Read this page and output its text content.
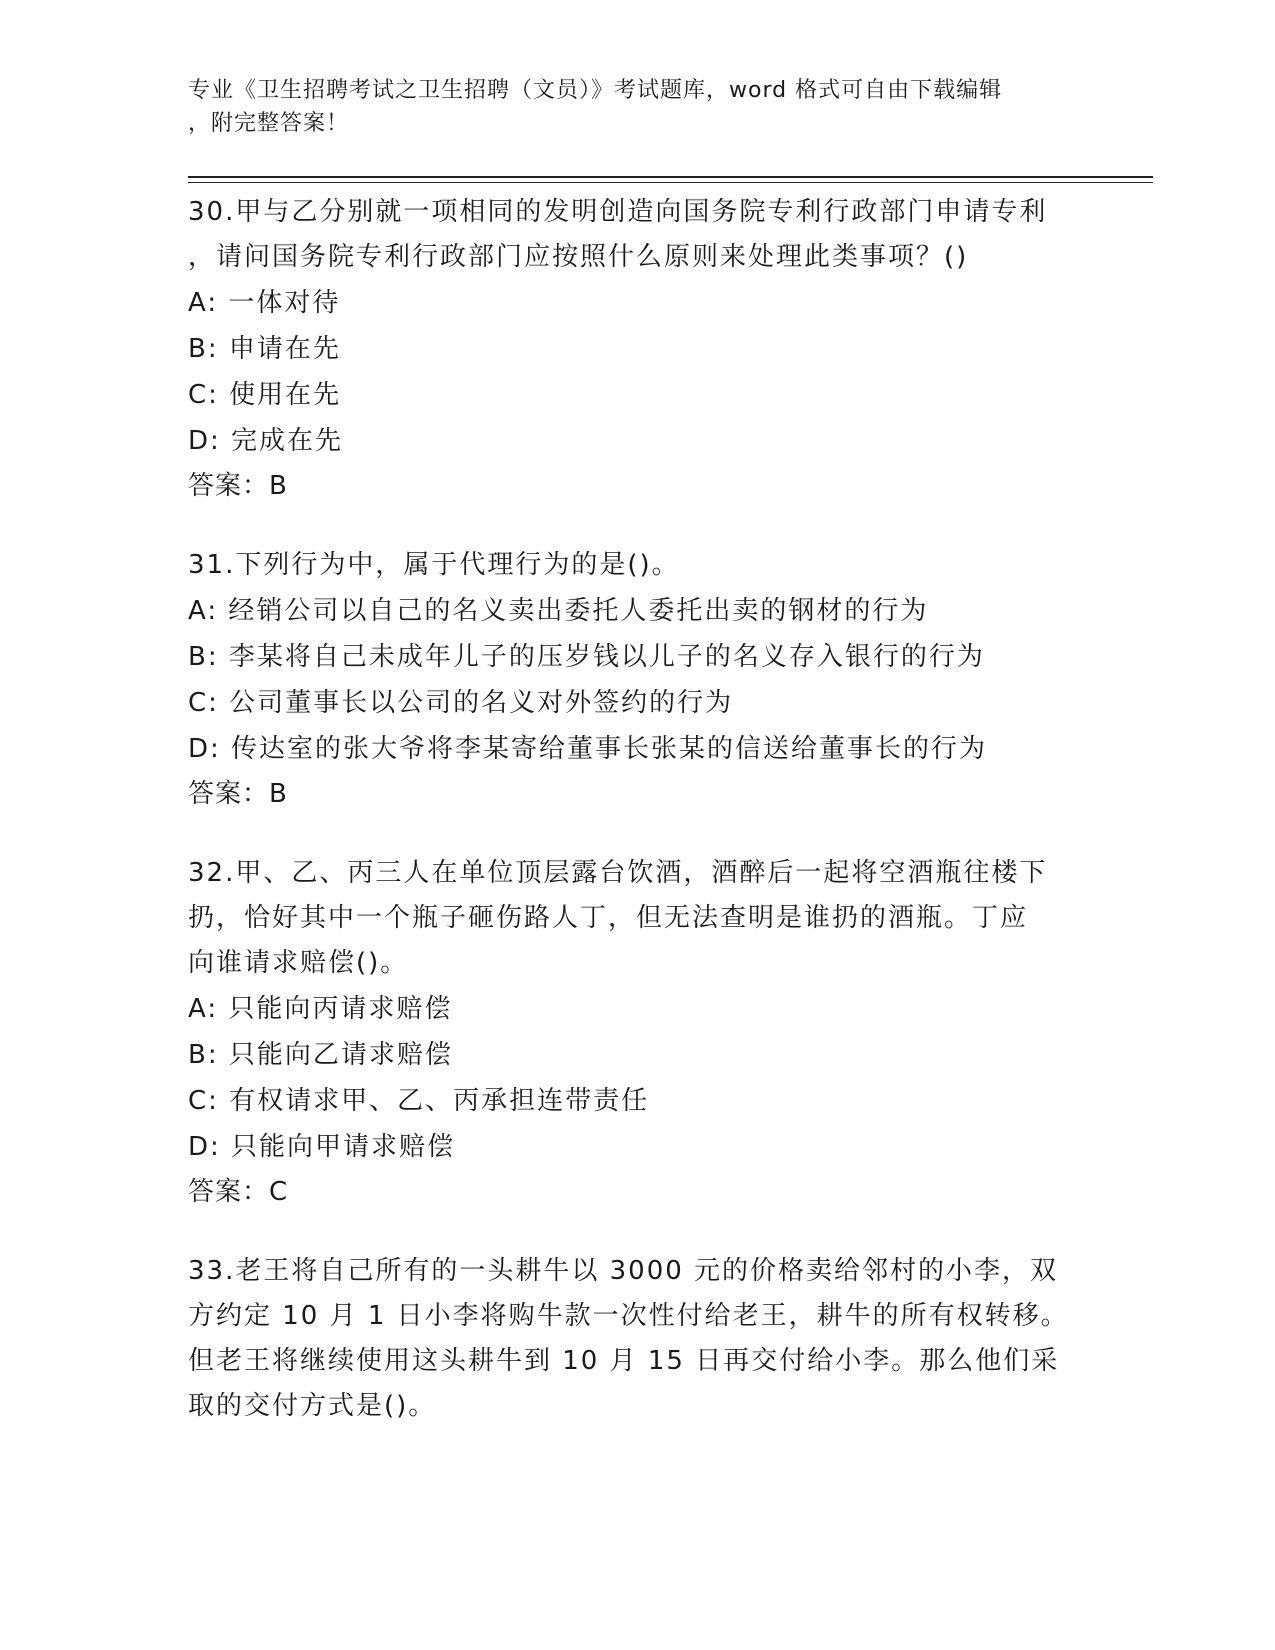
专业《卫生招聘考试之卫生招聘（文员）》考试题库，word 格式可自由下载编辑

，附完整答案！

30.甲与乙分别就一项相同的发明创造向国务院专利行政部门申请专利

，请问国务院专利行政部门应按照什么原则来处理此类事项？()

A: 一体对待

B: 申请在先

C: 使用在先

D: 完成在先

答案：B

31.下列行为中，属于代理行为的是()。

A: 经销公司以自己的名义卖出委托人委托出卖的钢材的行为

B: 李某将自己未成年儿子的压岁钱以儿子的名义存入银行的行为

C: 公司董事长以公司的名义对外签约的行为

D: 传达室的张大爷将李某寄给董事长张某的信送给董事长的行为

答案：B

32.甲、乙、丙三人在单位顶层露台饮酒，酒醉后一起将空酒瓶往楼下

扔，恰好其中一个瓶子砸伤路人丁，但无法查明是谁扔的酒瓶。丁应

向谁请求赔偿()。

A: 只能向丙请求赔偿

B: 只能向乙请求赔偿

C: 有权请求甲、乙、丙承担连带责任

D: 只能向甲请求赔偿

答案：C

33.老王将自己所有的一头耕牛以 3000 元的价格卖给邻村的小李，双

方约定 10 月 1 日小李将购牛款一次性付给老王，耕牛的所有权转移。

但老王将继续使用这头耕牛到 10 月 15 日再交付给小李。那么他们采

取的交付方式是()。
